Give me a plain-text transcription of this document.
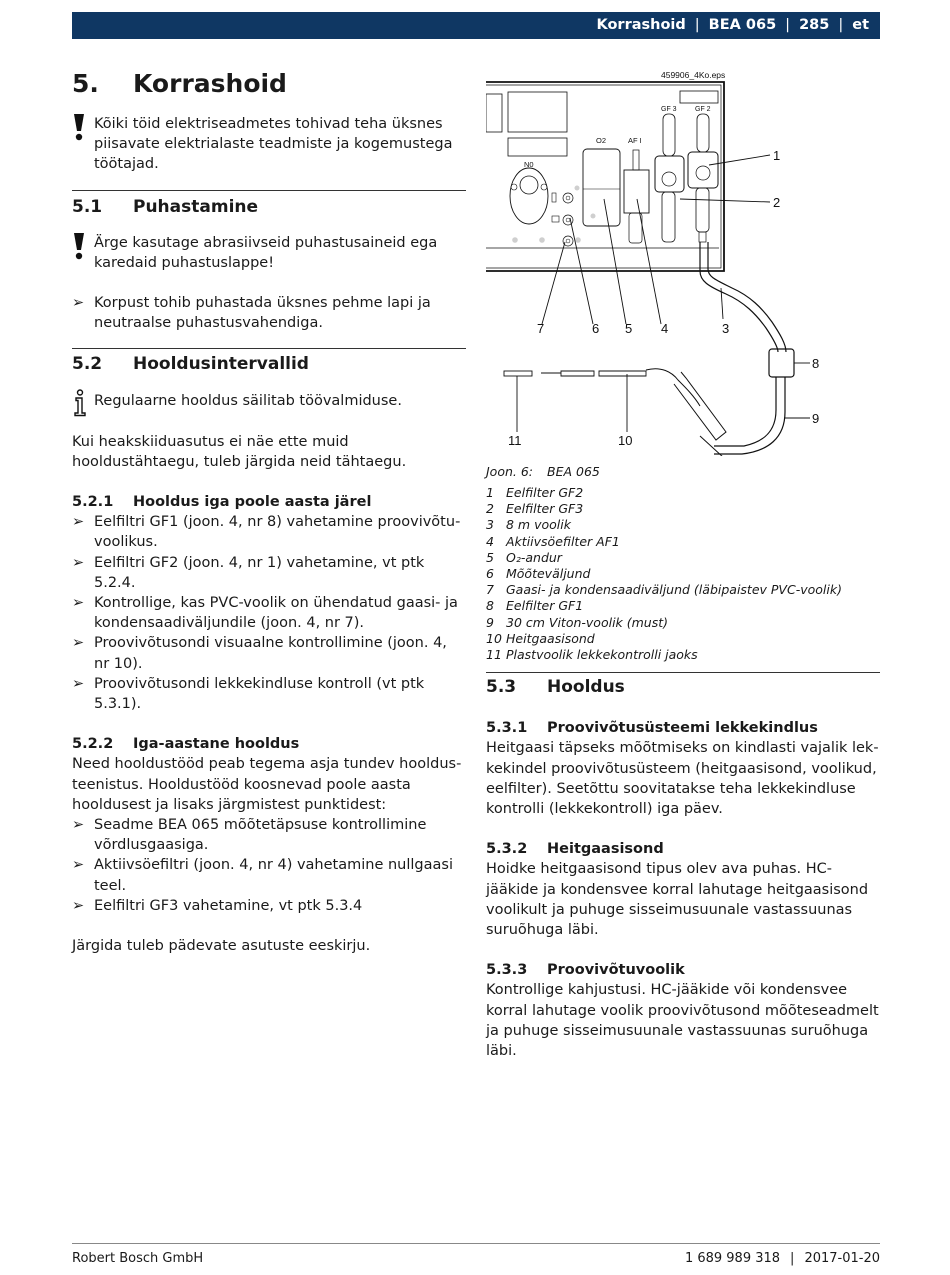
Korrashoid | BEA 065 | 285 | et
5. Korrashoid

Kõiki töid elektriseadmetes tohivad teha üksnes piisavate elektrialaste teadmiste ja kogemustega töötajad.

5.1 Puhastamine

Ärge kasutage abrasiivseid puhastusaineid ega karedaid puhastuslappe!

➢ Korpust tohib puhastada üksnes pehme lapi ja neutraalse puhastusvahendiga.
5.2 Hooldusintervallid

Regulaarne hooldus säilitab töövalmiduse.

Kui heakskiiduasutus ei näe ette muid hooldustähtaegu, tuleb järgida neid tähtaegu.

5.2.1 Hooldus iga poole aasta järel
➢ Eelfiltri GF1 (joon. 4, nr 8) vahetamine proovivõtuvoolikus.
➢ Eelfiltri GF2 (joon. 4, nr 1) vahetamine, vt ptk 5.2.4.
➢ Kontrollige, kas PVC-voolik on ühendatud gaasi- ja kondensaadiväljundile (joon. 4, nr 7).
➢ Proovivõtusondi visuaalne kontrollimine (joon. 4, nr 10).
➢ Proovivõtusondi lekkekindluse kontroll (vt ptk 5.3.1).
5.2.2 Iga-aastane hooldus

Need hooldustööd peab tegema asja tundev hooldusteenistus. Hooldustööd koosnevad poole aasta hooldusest ja lisaks järgmistest punktidest:

➢ Seadme BEA 065 mõõtetäpsuse kontrollimine võrdlusgaasiga.
➢ Aktiivsöefiltri (joon. 4, nr 4) vahetamine nullgaasi teel.
➢ Eelfiltri GF3 vahetamine, vt ptk 5.3.4

Järgida tuleb pädevate asutuste eeskirju.

459906_4Ko.eps
N0
O2	AF I
GF 3	GF 2
1
2
3
4
5
6
7
8
9
10
11
Joon. 6: BEA 065
1 Eelfilter GF2
2 Eelfilter GF3
3 8 m voolik
4 Aktiivsöefilter AF1
5 O₂-andur
6 Mõõteväljund
7 Gaasi- ja kondensaadiväljund (läbipaistev PVC-voolik)
8 Eelfilter GF1
9 30 cm Viton-voolik (must)
10 Heitgaasisond
11 Plastvoolik lekkekontrolli jaoks
5.3 Hooldus
5.3.1 Proovivõtusüsteemi lekkekindlus

Heitgaasi täpseks mõõtmiseks on kindlasti vajalik lekkekindel proovivõtusüsteem (heitgaasisond, voolikud, eelfilter). Seetõttu soovitatakse teha lekkekindluse kontrolli (lekkekontroll) iga päev.

5.3.2 Heitgaasisond

Hoidke heitgaasisond tipus olev ava puhas. HC-jääkide ja kondensvee korral lahutage heitgaasisond voolikult ja puhuge sisseimusuunale vastassuunas suruõhuga läbi.

5.3.3 Proovivõtuvoolik

Kontrollige kahjustusi. HC-jääkide või kondensvee korral lahutage voolik proovivõtusond mõõteseadmelt ja puhuge sisseimusuunale vastassuunas suruõhuga läbi.

Robert Bosch GmbH	1 689 989 318 | 2017-01-20
